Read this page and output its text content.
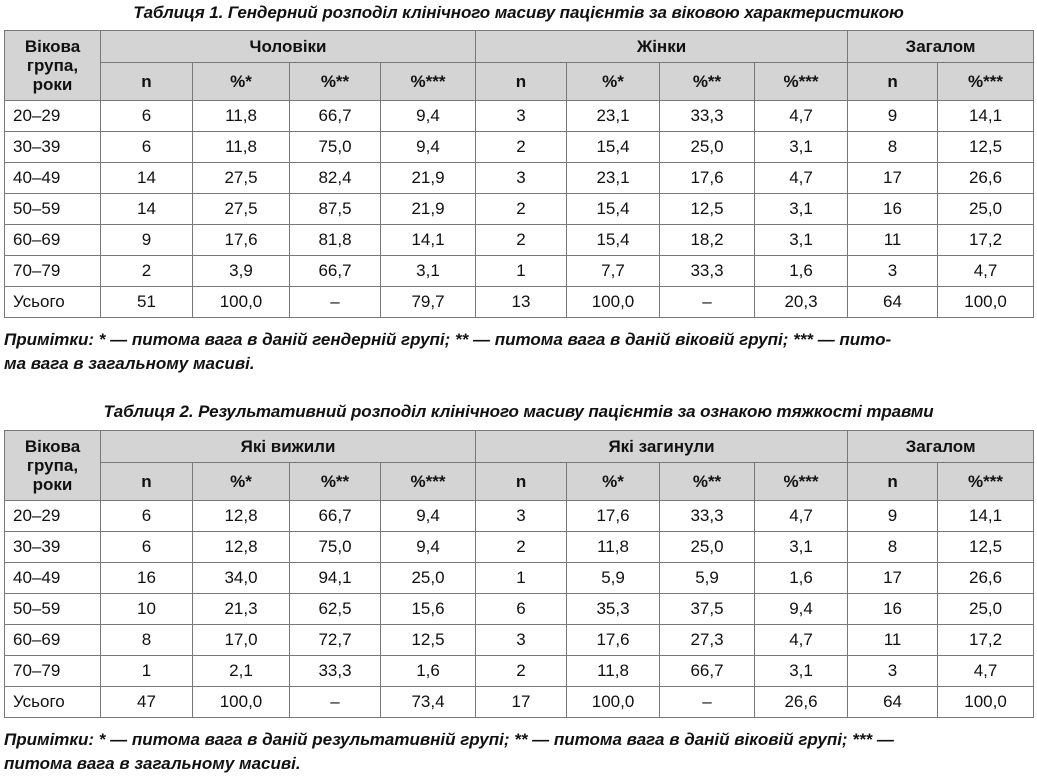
Таблиця 1. Гендерний розподіл клінічного масиву пацієнтів за віковою характеристикою
Вікова
група,
роки	Чоловіки				Жінки				Загалом	
	n	%*	%**	%***	n	%*	%**	%***	n	%***
20–29	6	11,8	66,7	9,4	3	23,1	33,3	4,7	9	14,1
30–39	6	11,8	75,0	9,4	2	15,4	25,0	3,1	8	12,5
40–49	14	27,5	82,4	21,9	3	23,1	17,6	4,7	17	26,6
50–59	14	27,5	87,5	21,9	2	15,4	12,5	3,1	16	25,0
60–69	9	17,6	81,8	14,1	2	15,4	18,2	3,1	11	17,2
70–79	2	3,9	66,7	3,1	1	7,7	33,3	1,6	3	4,7
Усього	51	100,0	–	79,7	13	100,0	–	20,3	64	100,0
Примітки: * — питома вага в даній гендерній групі; ** — питома вага в даній віковій групі; *** — пито-
ма вага в загальному масиві.
Таблиця 2. Результативний розподіл клінічного масиву пацієнтів за ознакою тяжкості травми
Вікова
група,
роки	Які вижили				Які загинули				Загалом	
	n	%*	%**	%***	n	%*	%**	%***	n	%***
20–29	6	12,8	66,7	9,4	3	17,6	33,3	4,7	9	14,1
30–39	6	12,8	75,0	9,4	2	11,8	25,0	3,1	8	12,5
40–49	16	34,0	94,1	25,0	1	5,9	5,9	1,6	17	26,6
50–59	10	21,3	62,5	15,6	6	35,3	37,5	9,4	16	25,0
60–69	8	17,0	72,7	12,5	3	17,6	27,3	4,7	11	17,2
70–79	1	2,1	33,3	1,6	2	11,8	66,7	3,1	3	4,7
Усього	47	100,0	–	73,4	17	100,0	–	26,6	64	100,0
Примітки: * — питома вага в даній результативній групі; ** — питома вага в даній віковій групі; *** —
питома вага в загальному масиві.
